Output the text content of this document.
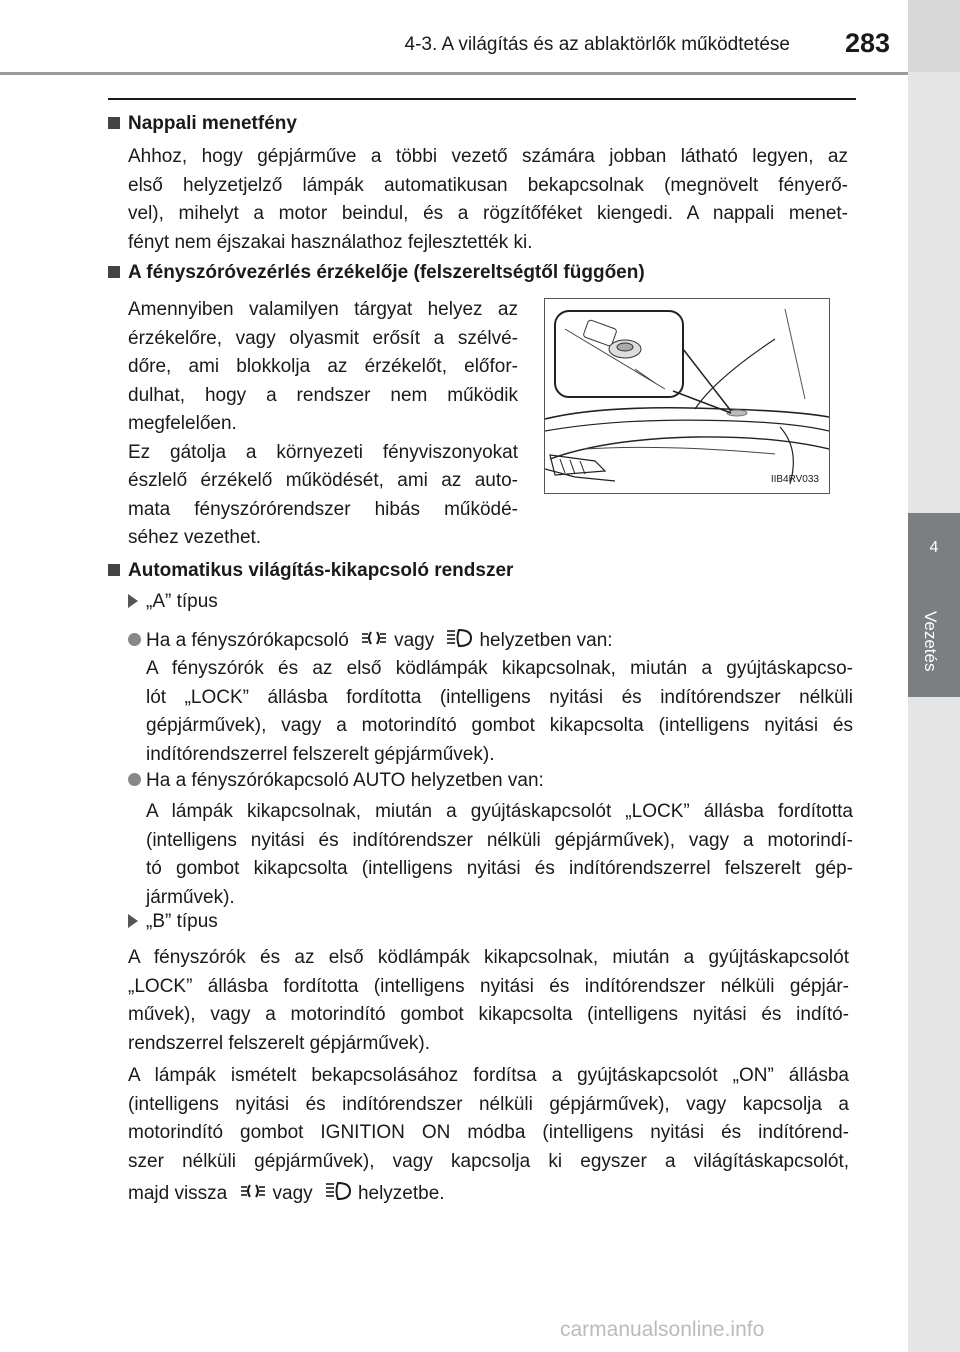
4-3. A világítás és az ablaktörlők működtetése	283
4
Vezetés
Nappali menetfény
Ahhoz, hogy gépjárműve a többi vezető számára jobban látható legyen, az
első helyzetjelző lámpák automatikusan bekapcsolnak (megnövelt fényerő-
vel), mihelyt a motor beindul, és a rögzítőféket kiengedi. A nappali menet-
fényt nem éjszakai használathoz fejlesztették ki.
A fényszóróvezérlés érzékelője (felszereltségtől függően)
Amennyiben valamilyen tárgyat helyez az
érzékelőre, vagy olyasmit erősít a szélvé-
dőre, ami blokkolja az érzékelőt, előfor-
dulhat, hogy a rendszer nem működik
megfelelően.
Ez gátolja a környezeti fényviszonyokat
észlelő érzékelő működését, ami az auto-
mata fényszórórendszer hibás működé-
séhez vezethet.
IIB4RV033
Automatikus világítás-kikapcsoló rendszer
„A” típus
Ha a fényszórókapcsoló vagy helyzetben van:
A fényszórók és az első ködlámpák kikapcsolnak, miután a gyújtáskapcso-
lót „LOCK” állásba fordította (intelligens nyitási és indítórendszer nélküli
gépjárművek), vagy a motorindító gombot kikapcsolta (intelligens nyitási és
indítórendszerrel felszerelt gépjárművek).
Ha a fényszórókapcsoló AUTO helyzetben van:
A lámpák kikapcsolnak, miután a gyújtáskapcsolót „LOCK” állásba fordította
(intelligens nyitási és indítórendszer nélküli gépjárművek), vagy a motorindí-
tó gombot kikapcsolta (intelligens nyitási és indítórendszerrel felszerelt gép-
járművek).
„B” típus
A fényszórók és az első ködlámpák kikapcsolnak, miután a gyújtáskapcsolót
„LOCK” állásba fordította (intelligens nyitási és indítórendszer nélküli gépjár-
művek), vagy a motorindító gombot kikapcsolta (intelligens nyitási és indító-
rendszerrel felszerelt gépjárművek).
A lámpák ismételt bekapcsolásához fordítsa a gyújtáskapcsolót „ON” állásba
(intelligens nyitási és indítórendszer nélküli gépjárművek), vagy kapcsolja a
motorindító gombot IGNITION ON módba (intelligens nyitási és indítórend-
szer nélküli gépjárművek), vagy kapcsolja ki egyszer a világításkapcsolót,
majd vissza vagy helyzetbe.
carmanualsonline.info
